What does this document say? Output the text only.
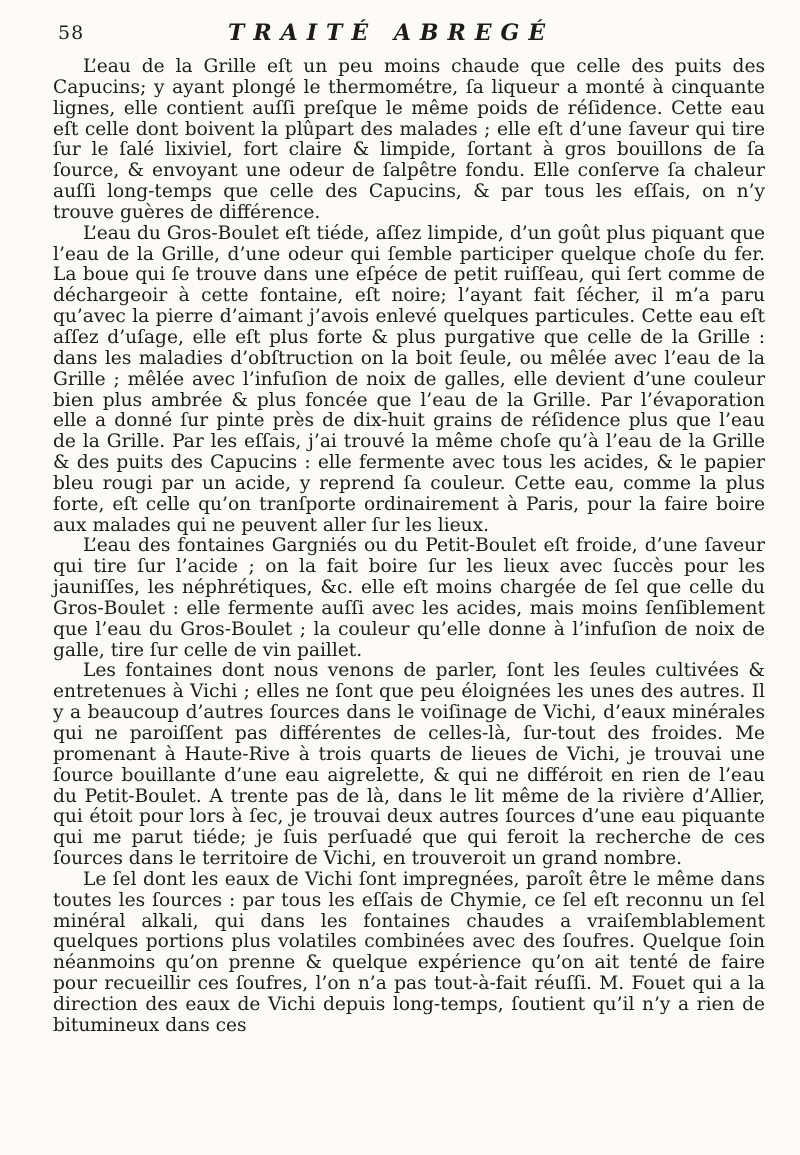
58	TRAITÉ ABREGÉ

L’eau de la Grille eſt un peu moins chaude que celle des puits des Capucins; y ayant plongé le thermométre, ſa liqueur a monté à cinquante lignes, elle contient auſſi preſque le même poids de réſidence. Cette eau eſt celle dont boivent la plûpart des malades ; elle eſt d’une ſaveur qui tire ſur le ſalé lixiviel, fort claire & limpide, ſortant à gros bouillons de ſa ſource, & envoyant une odeur de ſalpêtre fondu. Elle conſerve ſa chaleur auſſi long-temps que celle des Capucins, & par tous les eſſais, on n’y trouve guères de différence.

L’eau du Gros-Boulet eſt tiéde, aſſez limpide, d’un goût plus piquant que l’eau de la Grille, d’une odeur qui ſemble participer quelque choſe du fer. La boue qui ſe trouve dans une eſpéce de petit ruiſſeau, qui ſert comme de déchargeoir à cette fontaine, eſt noire; l’ayant fait ſécher, il m’a paru qu’avec la pierre d’aimant j’avois enlevé quelques particules. Cette eau eſt aſſez d’uſage, elle eſt plus forte & plus purgative que celle de la Grille : dans les maladies d’obſtruction on la boit ſeule, ou mêlée avec l’eau de la Grille ; mêlée avec l’infuſion de noix de galles, elle devient d’une couleur bien plus ambrée & plus foncée que l’eau de la Grille. Par l’évaporation elle a donné ſur pinte près de dix-huit grains de réſidence plus que l’eau de la Grille. Par les eſſais, j’ai trouvé la même choſe qu’à l’eau de la Grille & des puits des Capucins : elle fermente avec tous les acides, & le papier bleu rougi par un acide, y reprend ſa couleur. Cette eau, comme la plus forte, eſt celle qu’on tranſporte ordinairement à Paris, pour la faire boire aux malades qui ne peuvent aller ſur les lieux.

L’eau des fontaines Gargniés ou du Petit-Boulet eſt froide, d’une ſaveur qui tire ſur l’acide ; on la fait boire ſur les lieux avec ſuccès pour les jauniſſes, les néphrétiques, &c. elle eſt moins chargée de ſel que celle du Gros-Boulet : elle fermente auſſi avec les acides, mais moins ſenſiblement que l’eau du Gros-Boulet ; la couleur qu’elle donne à l’infuſion de noix de galle, tire ſur celle de vin paillet.

Les fontaines dont nous venons de parler, ſont les ſeules cultivées & entretenues à Vichi ; elles ne ſont que peu éloignées les unes des autres. Il y a beaucoup d’autres ſources dans le voiſinage de Vichi, d’eaux minérales qui ne paroiſſent pas différentes de celles-là, ſur-tout des froides. Me promenant à Haute-Rive à trois quarts de lieues de Vichi, je trouvai une ſource bouillante d’une eau aigrelette, & qui ne différoit en rien de l’eau du Petit-Boulet. A trente pas de là, dans le lit même de la rivière d’Allier, qui étoit pour lors à ſec, je trouvai deux autres ſources d’une eau piquante qui me parut tiéde; je ſuis perſuadé que qui feroit la recherche de ces ſources dans le territoire de Vichi, en trouveroit un grand nombre.

Le ſel dont les eaux de Vichi ſont impregnées, paroît être le même dans toutes les ſources : par tous les eſſais de Chymie, ce ſel eſt reconnu un ſel minéral alkali, qui dans les fontaines chaudes a vraiſemblablement quelques portions plus volatiles combinées avec des ſoufres. Quelque ſoin néanmoins qu’on prenne & quelque expérience qu’on ait tenté de faire pour recueillir ces ſoufres, l’on n’a pas tout-à-fait réuſſi. M. Fouet qui a la direction des eaux de Vichi depuis long-temps, ſoutient qu’il n’y a rien de bitumineux dans ces
